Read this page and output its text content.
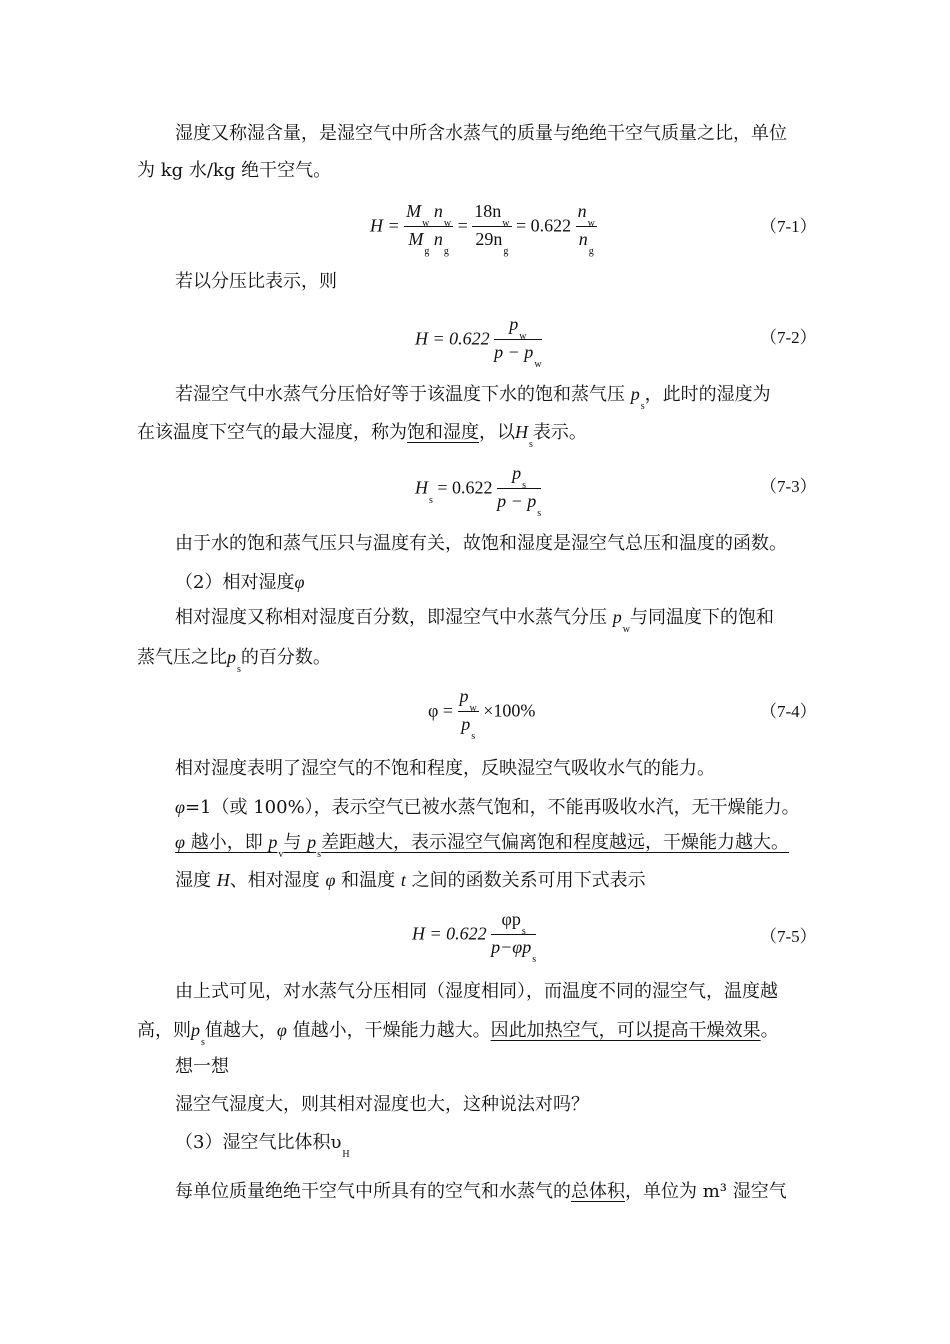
湿度又称湿含量，是湿空气中所含水蒸气的质量与绝绝干空气质量之比，单位
为 kg 水/kg 绝干空气。
$H = \frac{M_w n_w}{M_g n_g} = \frac{18n_w}{29n_g} = 0.622 \frac{n_w}{n_g}$	（7-1）
若以分压比表示，则
$H = 0.622 \frac{p_w}{p - p_w}$	（7-2）
若湿空气中水蒸气分压恰好等于该温度下水的饱和蒸气压 $p_s$，此时的湿度为
在该温度下空气的最大湿度，称为饱和湿度，以$H_s$表示。
$H_s = 0.622 \frac{p_s}{p - p_s}$	（7-3）
由于水的饱和蒸气压只与温度有关，故饱和湿度是湿空气总压和温度的函数。
（2）相对湿度φ
相对湿度又称相对湿度百分数，即湿空气中水蒸气分压 $p_w$与同温度下的饱和
蒸气压之比$p_s$的百分数。
$\varphi = \frac{p_w}{p_s} \times 100\%$	（7-4）
相对湿度表明了湿空气的不饱和程度，反映湿空气吸收水气的能力。
φ=1（或 100%），表示空气已被水蒸气饱和，不能再吸收水汽，无干燥能力。
φ 越小，即 $p_v$与 $p_s$差距越大，表示湿空气偏离饱和程度越远，干燥能力越大。
湿度 H、相对湿度 φ 和温度 t 之间的函数关系可用下式表示
$H = 0.622 \frac{\varphi p_s}{p-\varphi p_s}$	（7-5）
由上式可见，对水蒸气分压相同（湿度相同），而温度不同的湿空气，温度越
高，则$p_s$值越大，φ 值越小，干燥能力越大。因此加热空气，可以提高干燥效果。
想一想
湿空气湿度大，则其相对湿度也大，这种说法对吗？
（3）湿空气比体积$\upsilon_H$
每单位质量绝绝干空气中所具有的空气和水蒸气的总体积，单位为 m³ 湿空气
